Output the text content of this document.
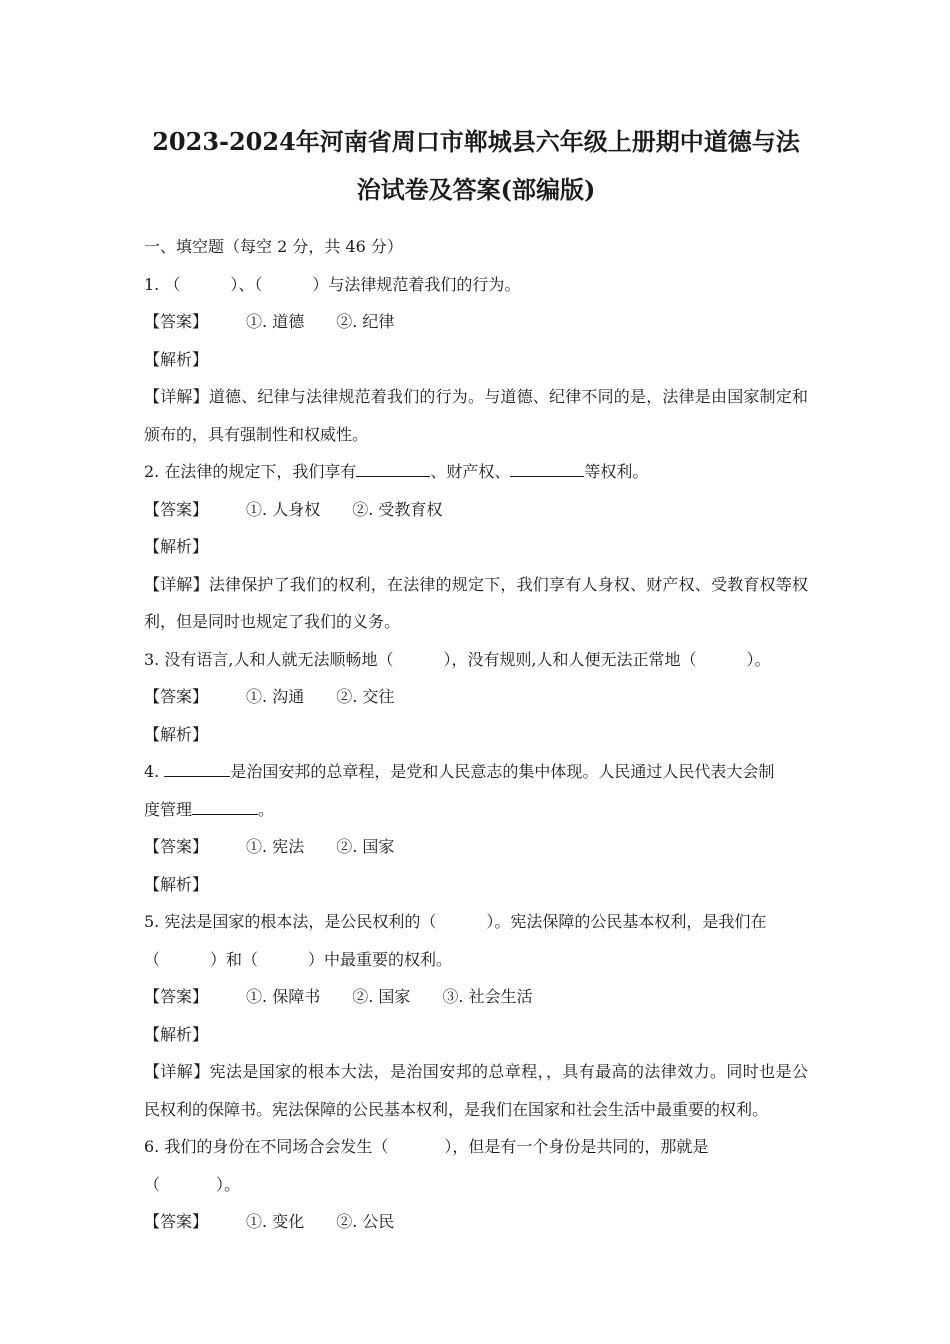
2023-2024年河南省周口市郸城县六年级上册期中道德与法
治试卷及答案(部编版)
一、填空题（每空 2 分，共 46 分）
1. （	）、（	）与法律规范着我们的行为。
【答案】 ①. 道德 ②. 纪律
【解析】
【详解】道德、纪律与法律规范着我们的行为。与道德、纪律不同的是，法律是由国家制定和颁布的，具有强制性和权威性。
2. 在法律的规定下，我们享有	、财产权、	等权利。
【答案】 ①. 人身权 ②. 受教育权
【解析】
【详解】法律保护了我们的权利，在法律的规定下，我们享有人身权、财产权、受教育权等权利，但是同时也规定了我们的义务。
3. 没有语言,人和人就无法顺畅地（	），没有规则,人和人便无法正常地（	）。
【答案】 ①. 沟通 ②. 交往
【解析】
4.	是治国安邦的总章程，是党和人民意志的集中体现。人民通过人民代表大会制
度管理	。
【答案】 ①. 宪法 ②. 国家
【解析】
5. 宪法是国家的根本法，是公民权利的（	）。宪法保障的公民基本权利，是我们在
（	）和（	）中最重要的权利。
【答案】 ①. 保障书 ②. 国家 ③. 社会生活
【解析】
【详解】宪法是国家的根本大法，是治国安邦的总章程，，具有最高的法律效力。同时也是公民权利的保障书。宪法保障的公民基本权利，是我们在国家和社会生活中最重要的权利。
6. 我们的身份在不同场合会发生（	），但是有一个身份是共同的，那就是
（	）。
【答案】 ①. 变化 ②. 公民
